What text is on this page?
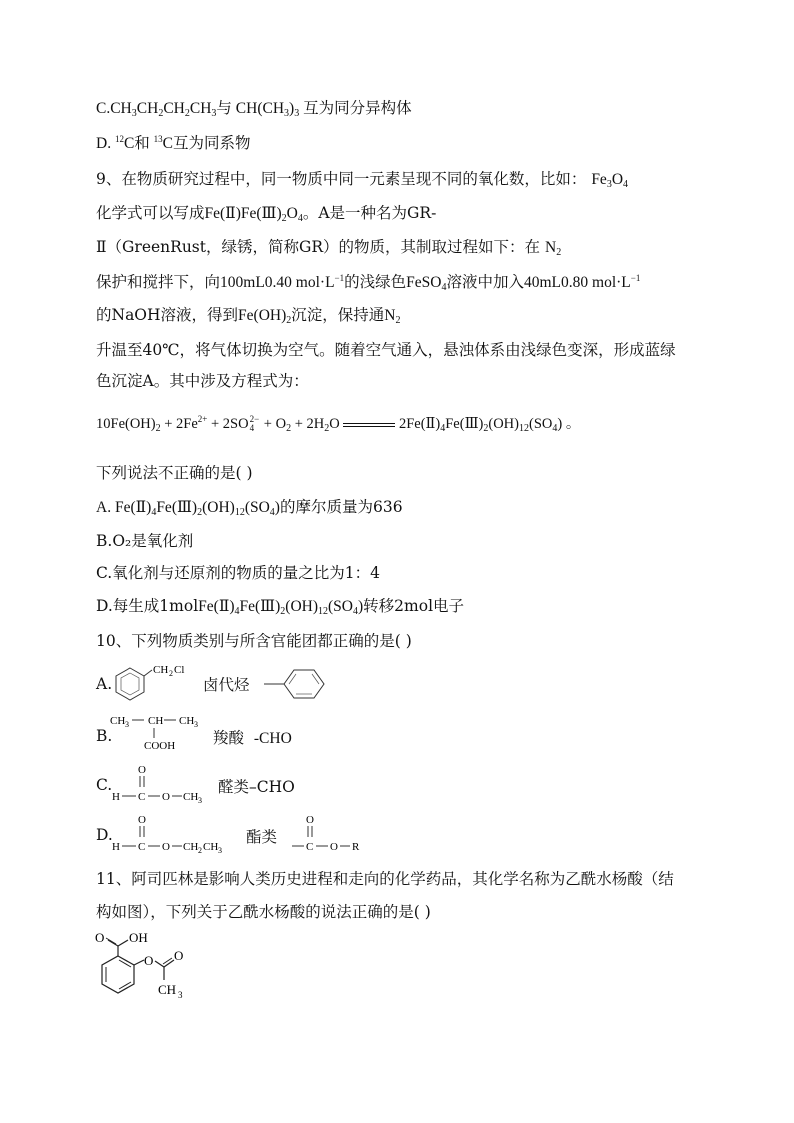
$C.CH_3CH_2CH_2CH_3$与 $CH(CH_3)_3$ 互为同分异构体
D. $^{12}$C和 $^{13}$C互为同系物
9、在物质研究过程中，同一物质中同一元素呈现不同的氧化数，比如： $Fe_3O_4$
化学式可以写成$Fe(Ⅱ)Fe(Ⅲ)_2O_4$。A是一种名为GR-
Ⅱ（GreenRust，绿锈，简称GR）的物质，其制取过程如下：在 $N_2$
保护和搅拌下，向100mL0.40 $mol\cdot L^{-1}$的浅绿色FeSO$_4$溶液中加入40mL0.80 $mol\cdot L^{-1}$
的NaOH溶液，得到$Fe(OH)_2$沉淀，保持通$N_2$
升温至40℃，将气体切换为空气。随着空气通入，悬浊体系由浅绿色变深，形成蓝绿
色沉淀A。其中涉及方程式为：
$10Fe(OH)_2 + 2Fe^{2+} + 2SO$ 2−
$4 + O_2 + 2H_2O$	$2Fe(Ⅱ)_4Fe(Ⅲ)_2(OH)_{12}(SO_4)$ 。
下列说法不正确的是( )
A. $Fe(Ⅱ)_4Fe(Ⅲ)_2(OH)_{12}(SO_4)$的摩尔质量为636
B.O₂是氧化剂
C.氧化剂与还原剂的物质的量之比为1：4
D.每生成$1molFe(Ⅱ)_4Fe(Ⅲ)_2(OH)_{12}(SO_4)$转移2mol电子
10、下列物质类别与所含官能团都正确的是( )
A.
CH 2 Cl
卤代烃
B.
CH 3 CH CH 3
COOH 羧酸 -CHO
C.
O
H C O CH 3
醛类–CHO
D.
O
H C O CH 2 CH 3
酯类
O
C O R
11、阿司匹林是影响人类历史进程和走向的化学药品，其化学名称为乙酰水杨酸（结
构如图），下列关于乙酰水杨酸的说法正确的是( )
O OH
O O
CH 3
